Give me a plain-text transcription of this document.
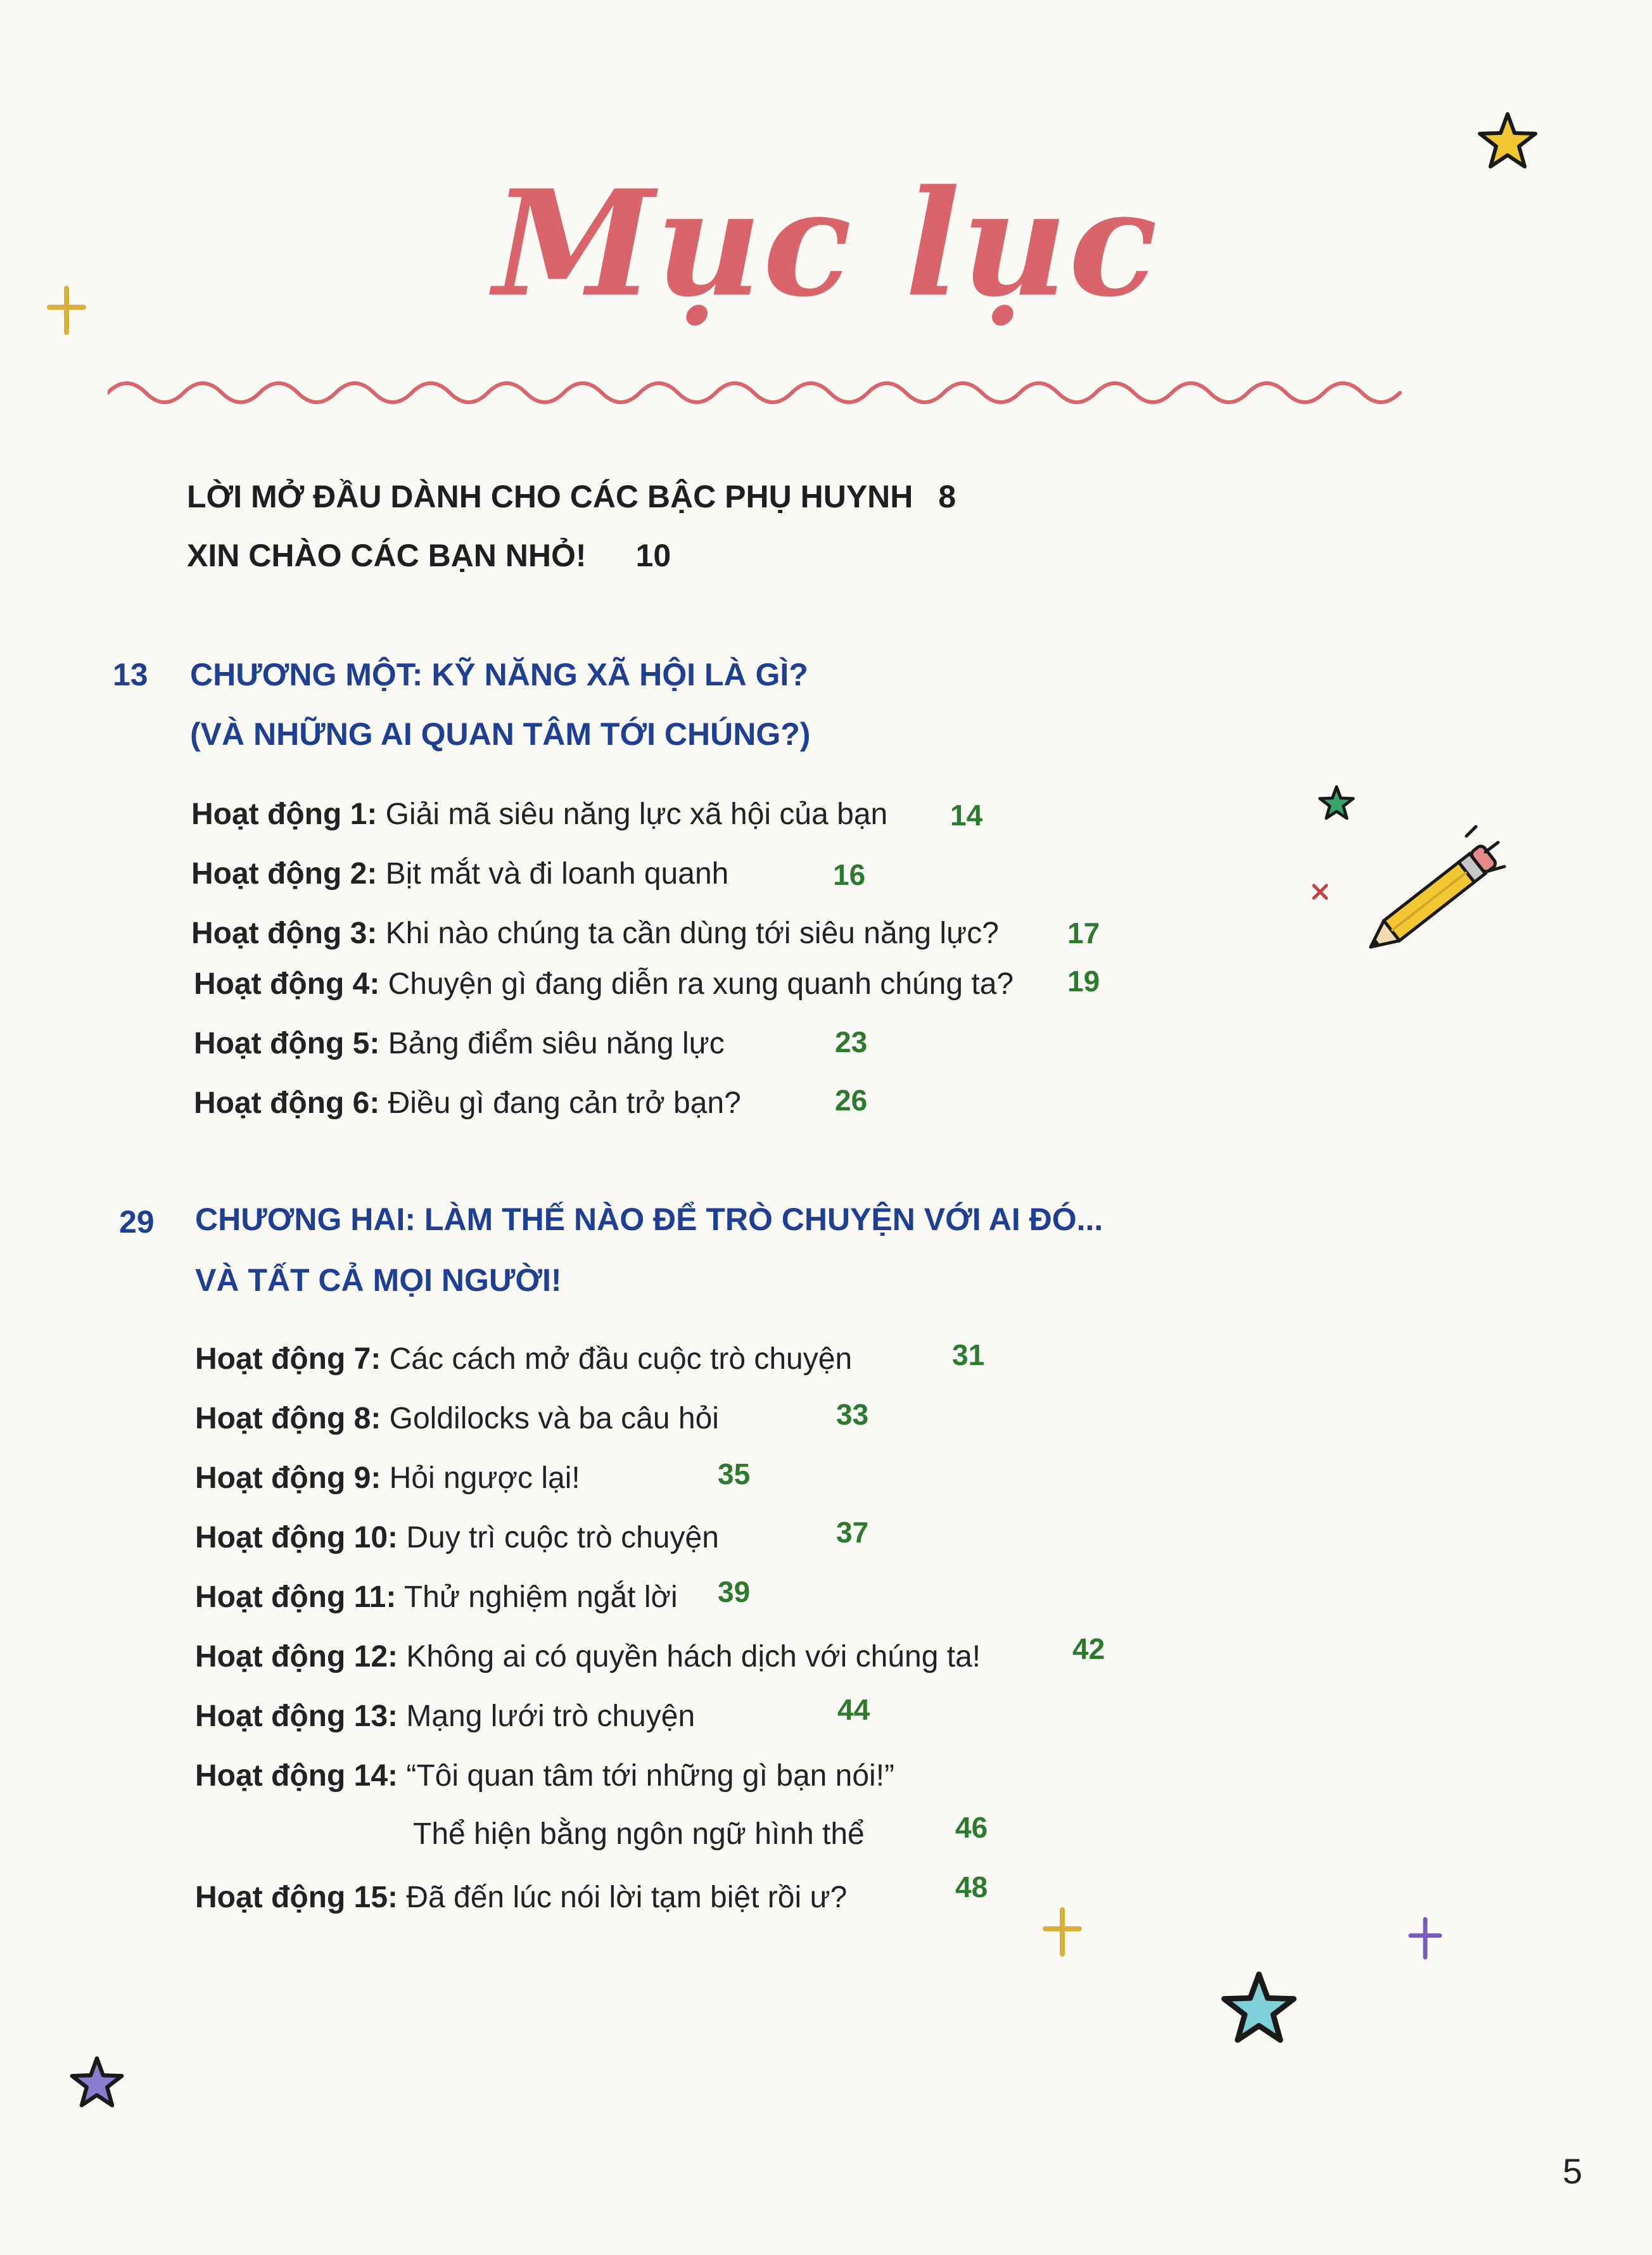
Mục lục
LỜI MỞ ĐẦU DÀNH CHO CÁC BẬC PHỤ HUYNH 8
XIN CHÀO CÁC BẠN NHỎ! 10
13 CHƯƠNG MỘT: KỸ NĂNG XÃ HỘI LÀ GÌ?
(VÀ NHỮNG AI QUAN TÂM TỚI CHÚNG?)
Hoạt động 1: Giải mã siêu năng lực xã hội của bạn 14
Hoạt động 2: Bịt mắt và đi loanh quanh	16
Hoạt động 3: Khi nào chúng ta cần dùng tới siêu năng lực? 17
Hoạt động 4: Chuyện gì đang diễn ra xung quanh chúng ta? 19
Hoạt động 5: Bảng điểm siêu năng lực	23
Hoạt động 6: Điều gì đang cản trở bạn?	26
29 CHƯƠNG HAI: LÀM THẾ NÀO ĐỂ TRÒ CHUYỆN VỚI AI ĐÓ...
VÀ TẤT CẢ MỌI NGƯỜI!
Hoạt động 7: Các cách mở đầu cuộc trò chuyện	31
Hoạt động 8: Goldilocks và ba câu hỏi	33
Hoạt động 9: Hỏi ngược lại!	35
Hoạt động 10: Duy trì cuộc trò chuyện	37
Hoạt động 11: Thử nghiệm ngắt lời 39
Hoạt động 12: Không ai có quyền hách dịch với chúng ta!	42
Hoạt động 13: Mạng lưới trò chuyện	44
Hoạt động 14: “Tôi quan tâm tới những gì bạn nói!”
Thể hiện bằng ngôn ngữ hình thể	46
Hoạt động 15: Đã đến lúc nói lời tạm biệt rồi ư?	48
5
